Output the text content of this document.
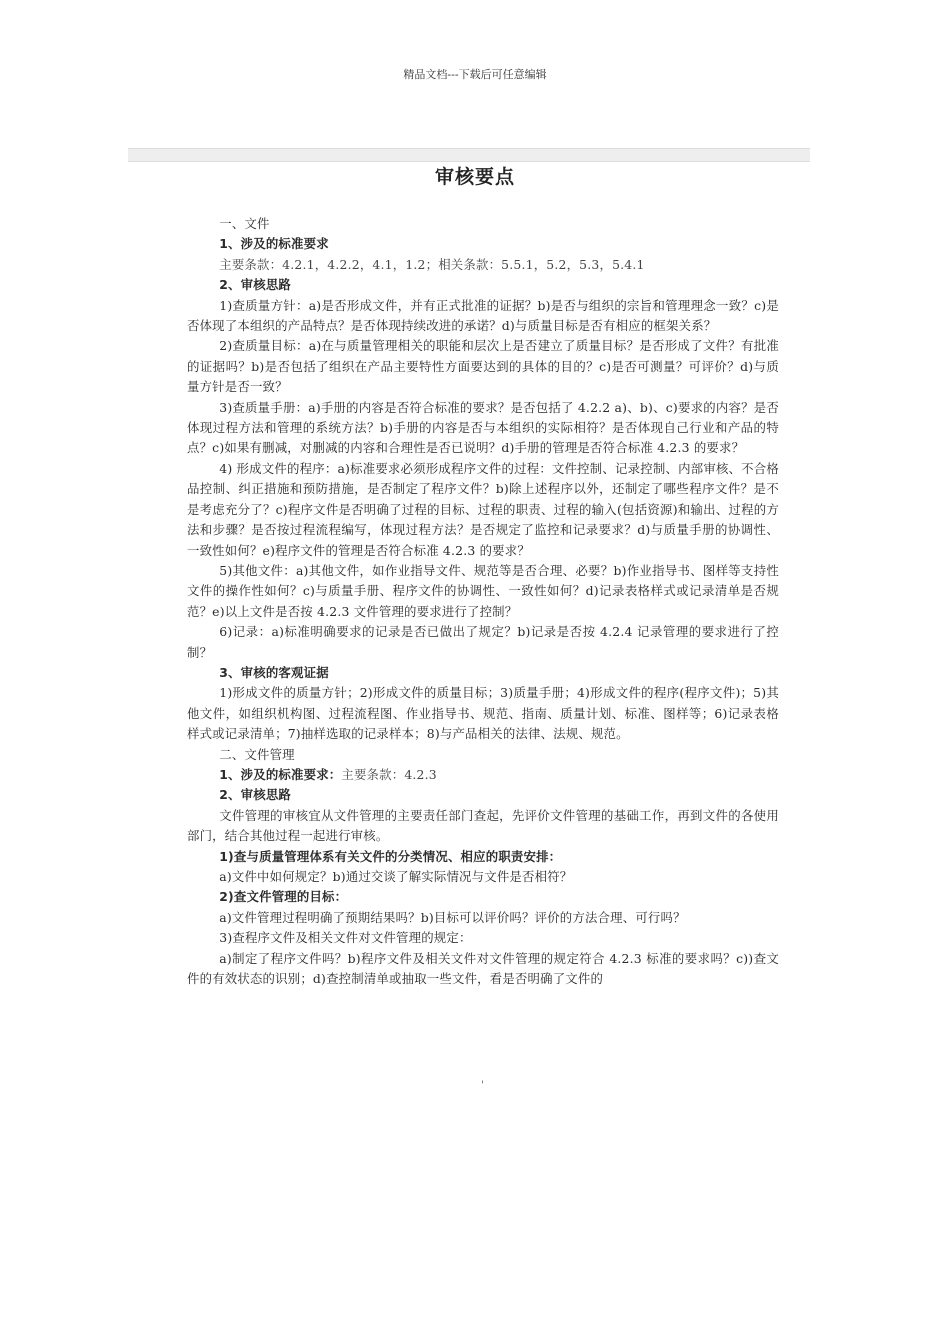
精品文档---下载后可任意编辑
审核要点

一、文件

1、涉及的标准要求

主要条款：4.2.1，4.2.2，4.1，1.2；相关条款：5.5.1，5.2，5.3，5.4.1

2、审核思路

1)查质量方针：a)是否形成文件，并有正式批准的证据？b)是否与组织的宗旨和管理理念一致？c)是否体现了本组织的产品特点？是否体现持续改进的承诺？d)与质量目标是否有相应的框架关系？

2)查质量目标：a)在与质量管理相关的职能和层次上是否建立了质量目标？是否形成了文件？有批准的证据吗？b)是否包括了组织在产品主要特性方面要达到的具体的目的？c)是否可测量？可评价？d)与质量方针是否一致？

3)查质量手册：a)手册的内容是否符合标准的要求？是否包括了 4.2.2 a)、b)、c)要求的内容？是否体现过程方法和管理的系统方法？b)手册的内容是否与本组织的实际相符？是否体现自己行业和产品的特点？c)如果有删减，对删减的内容和合理性是否已说明？d)手册的管理是否符合标准 4.2.3 的要求？

4) 形成文件的程序：a)标准要求必须形成程序文件的过程：文件控制、记录控制、内部审核、不合格品控制、纠正措施和预防措施，是否制定了程序文件？b)除上述程序以外，还制定了哪些程序文件？是不是考虑充分了？c)程序文件是否明确了过程的目标、过程的职责、过程的输入(包括资源)和输出、过程的方法和步骤？是否按过程流程编写，体现过程方法？是否规定了监控和记录要求？d)与质量手册的协调性、一致性如何？e)程序文件的管理是否符合标准 4.2.3 的要求？

5)其他文件：a)其他文件，如作业指导文件、规范等是否合理、必要？b)作业指导书、图样等支持性文件的操作性如何？c)与质量手册、程序文件的协调性、一致性如何？d)记录表格样式或记录清单是否规范？e)以上文件是否按 4.2.3 文件管理的要求进行了控制？

6)记录：a)标准明确要求的记录是否已做出了规定？b)记录是否按 4.2.4 记录管理的要求进行了控制？

3、审核的客观证据

1)形成文件的质量方针；2)形成文件的质量目标；3)质量手册；4)形成文件的程序(程序文件)；5)其他文件，如组织机构图、过程流程图、作业指导书、规范、指南、质量计划、标准、图样等；6)记录表格样式或记录清单；7)抽样选取的记录样本；8)与产品相关的法律、法规、规范。

二、文件管理

1、涉及的标准要求：主要条款：4.2.3

2、审核思路

文件管理的审核宜从文件管理的主要责任部门查起，先评价文件管理的基础工作，再到文件的各使用部门，结合其他过程一起进行审核。

1)查与质量管理体系有关文件的分类情况、相应的职责安排：

a)文件中如何规定？b)通过交谈了解实际情况与文件是否相符？

2)查文件管理的目标：

a)文件管理过程明确了预期结果吗？b)目标可以评价吗？评价的方法合理、可行吗？

3)查程序文件及相关文件对文件管理的规定：

a)制定了程序文件吗？b)程序文件及相关文件对文件管理的规定符合 4.2.3 标准的要求吗？c))查文件的有效状态的识别；d)查控制清单或抽取一些文件，看是否明确了文件的

'
